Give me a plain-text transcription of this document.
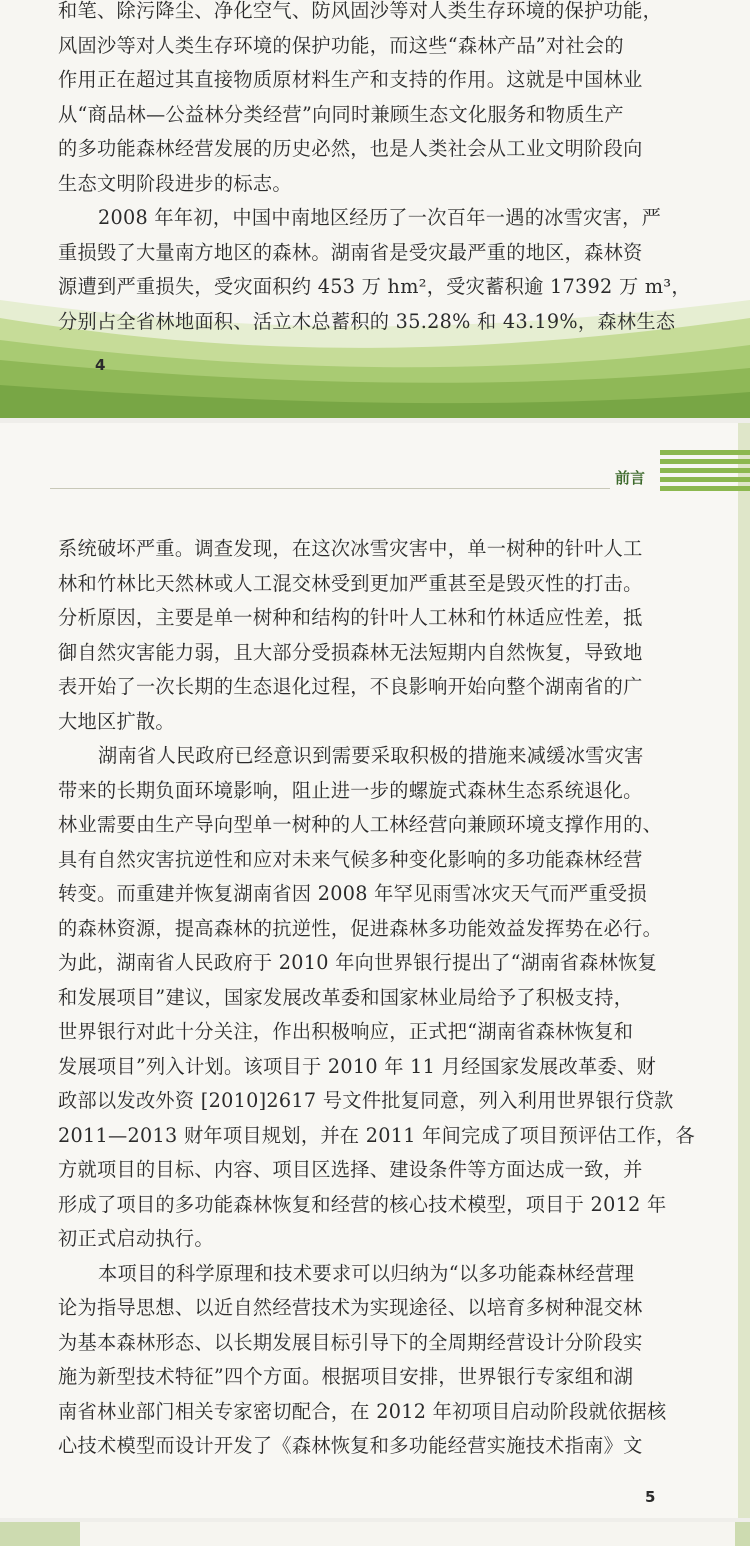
和笔、除污降尘、净化空气、防风固沙等对人类生存环境的保护功能，
风固沙等对人类生存环境的保护功能，而这些“森林产品”对社会的
作用正在超过其直接物质原材料生产和支持的作用。这就是中国林业
从“商品林—公益林分类经营”向同时兼顾生态文化服务和物质生产
的多功能森林经营发展的历史必然，也是人类社会从工业文明阶段向
生态文明阶段进步的标志。
2008 年年初，中国中南地区经历了一次百年一遇的冰雪灾害，严
重损毁了大量南方地区的森林。湖南省是受灾最严重的地区，森林资
源遭到严重损失，受灾面积约 453 万 hm²，受灾蓄积逾 17392 万 m³，
分别占全省林地面积、活立木总蓄积的 35.28% 和 43.19%，森林生态
4
前言
系统破坏严重。调查发现，在这次冰雪灾害中，单一树种的针叶人工
林和竹林比天然林或人工混交林受到更加严重甚至是毁灭性的打击。
分析原因，主要是单一树种和结构的针叶人工林和竹林适应性差，抵
御自然灾害能力弱，且大部分受损森林无法短期内自然恢复，导致地
表开始了一次长期的生态退化过程，不良影响开始向整个湖南省的广
大地区扩散。
湖南省人民政府已经意识到需要采取积极的措施来减缓冰雪灾害
带来的长期负面环境影响，阻止进一步的螺旋式森林生态系统退化。
林业需要由生产导向型单一树种的人工林经营向兼顾环境支撑作用的、
具有自然灾害抗逆性和应对未来气候多种变化影响的多功能森林经营
转变。而重建并恢复湖南省因 2008 年罕见雨雪冰灾天气而严重受损
的森林资源，提高森林的抗逆性，促进森林多功能效益发挥势在必行。
为此，湖南省人民政府于 2010 年向世界银行提出了“湖南省森林恢复
和发展项目”建议，国家发展改革委和国家林业局给予了积极支持，
世界银行对此十分关注，作出积极响应，正式把“湖南省森林恢复和
发展项目”列入计划。该项目于 2010 年 11 月经国家发展改革委、财
政部以发改外资 [2010]2617 号文件批复同意，列入利用世界银行贷款
2011—2013 财年项目规划，并在 2011 年间完成了项目预评估工作，各
方就项目的目标、内容、项目区选择、建设条件等方面达成一致，并
形成了项目的多功能森林恢复和经营的核心技术模型，项目于 2012 年
初正式启动执行。
本项目的科学原理和技术要求可以归纳为“以多功能森林经营理
论为指导思想、以近自然经营技术为实现途径、以培育多树种混交林
为基本森林形态、以长期发展目标引导下的全周期经营设计分阶段实
施为新型技术特征”四个方面。根据项目安排，世界银行专家组和湖
南省林业部门相关专家密切配合，在 2012 年初项目启动阶段就依据核
心技术模型而设计开发了《森林恢复和多功能经营实施技术指南》文
5
